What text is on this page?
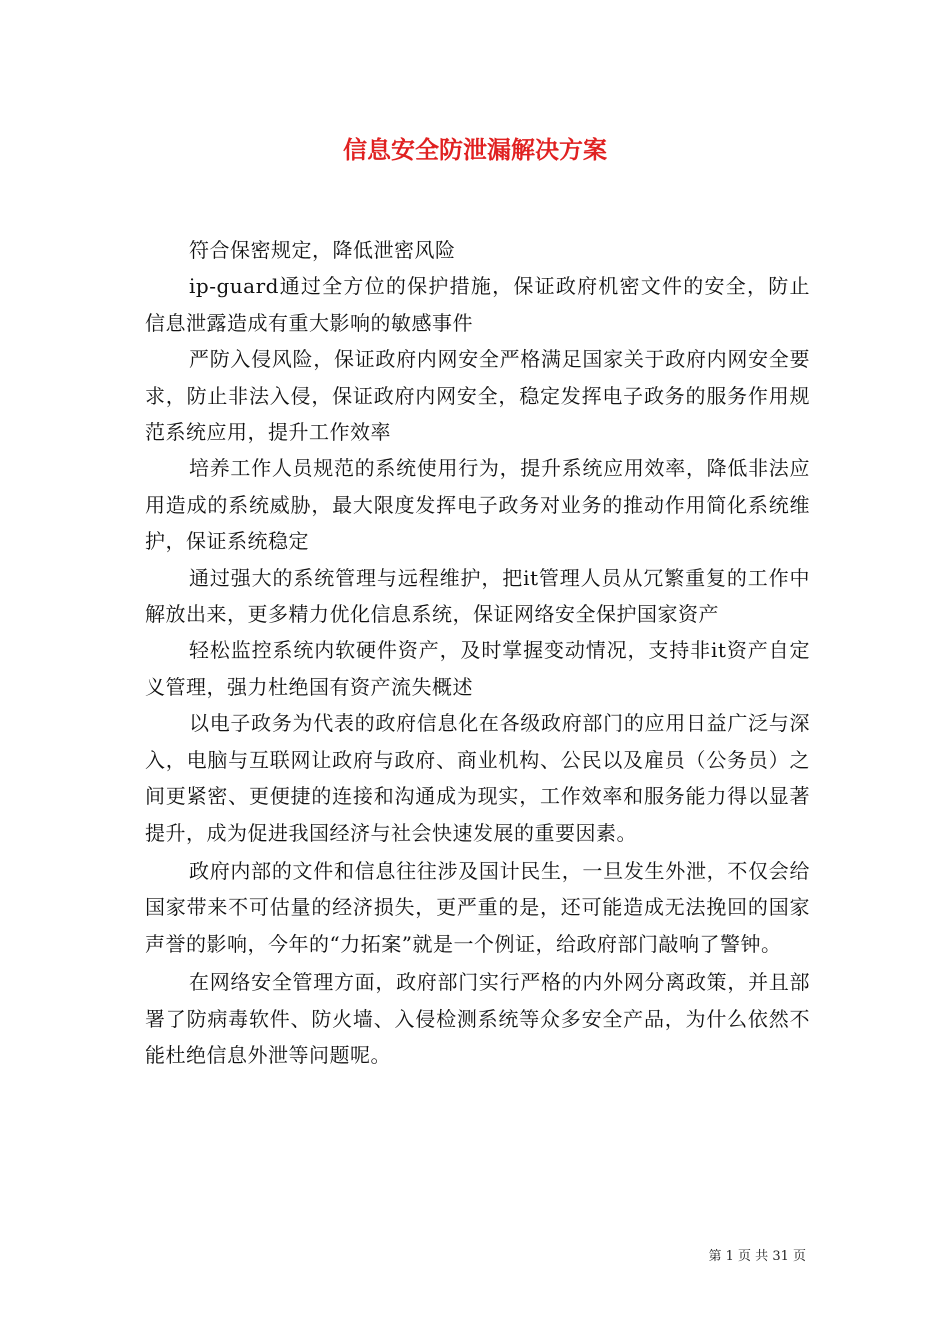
信息安全防泄漏解决方案

符合保密规定，降低泄密风险

ip-guard通过全方位的保护措施，保证政府机密文件的安全，防止信息泄露造成有重大影响的敏感事件

严防入侵风险，保证政府内网安全严格满足国家关于政府内网安全要求，防止非法入侵，保证政府内网安全，稳定发挥电子政务的服务作用规范系统应用，提升工作效率

培养工作人员规范的系统使用行为，提升系统应用效率，降低非法应用造成的系统威胁，最大限度发挥电子政务对业务的推动作用简化系统维护，保证系统稳定

通过强大的系统管理与远程维护，把it管理人员从冗繁重复的工作中解放出来，更多精力优化信息系统，保证网络安全保护国家资产

轻松监控系统内软硬件资产，及时掌握变动情况，支持非it资产自定义管理，强力杜绝国有资产流失概述

以电子政务为代表的政府信息化在各级政府部门的应用日益广泛与深入，电脑与互联网让政府与政府、商业机构、公民以及雇员（公务员）之间更紧密、更便捷的连接和沟通成为现实，工作效率和服务能力得以显著提升，成为促进我国经济与社会快速发展的重要因素。

政府内部的文件和信息往往涉及国计民生，一旦发生外泄，不仅会给国家带来不可估量的经济损失，更严重的是，还可能造成无法挽回的国家声誉的影响，今年的“力拓案”就是一个例证，给政府部门敲响了警钟。

在网络安全管理方面，政府部门实行严格的内外网分离政策，并且部署了防病毒软件、防火墙、入侵检测系统等众多安全产品，为什么依然不能杜绝信息外泄等问题呢。

第 1 页 共 31 页
